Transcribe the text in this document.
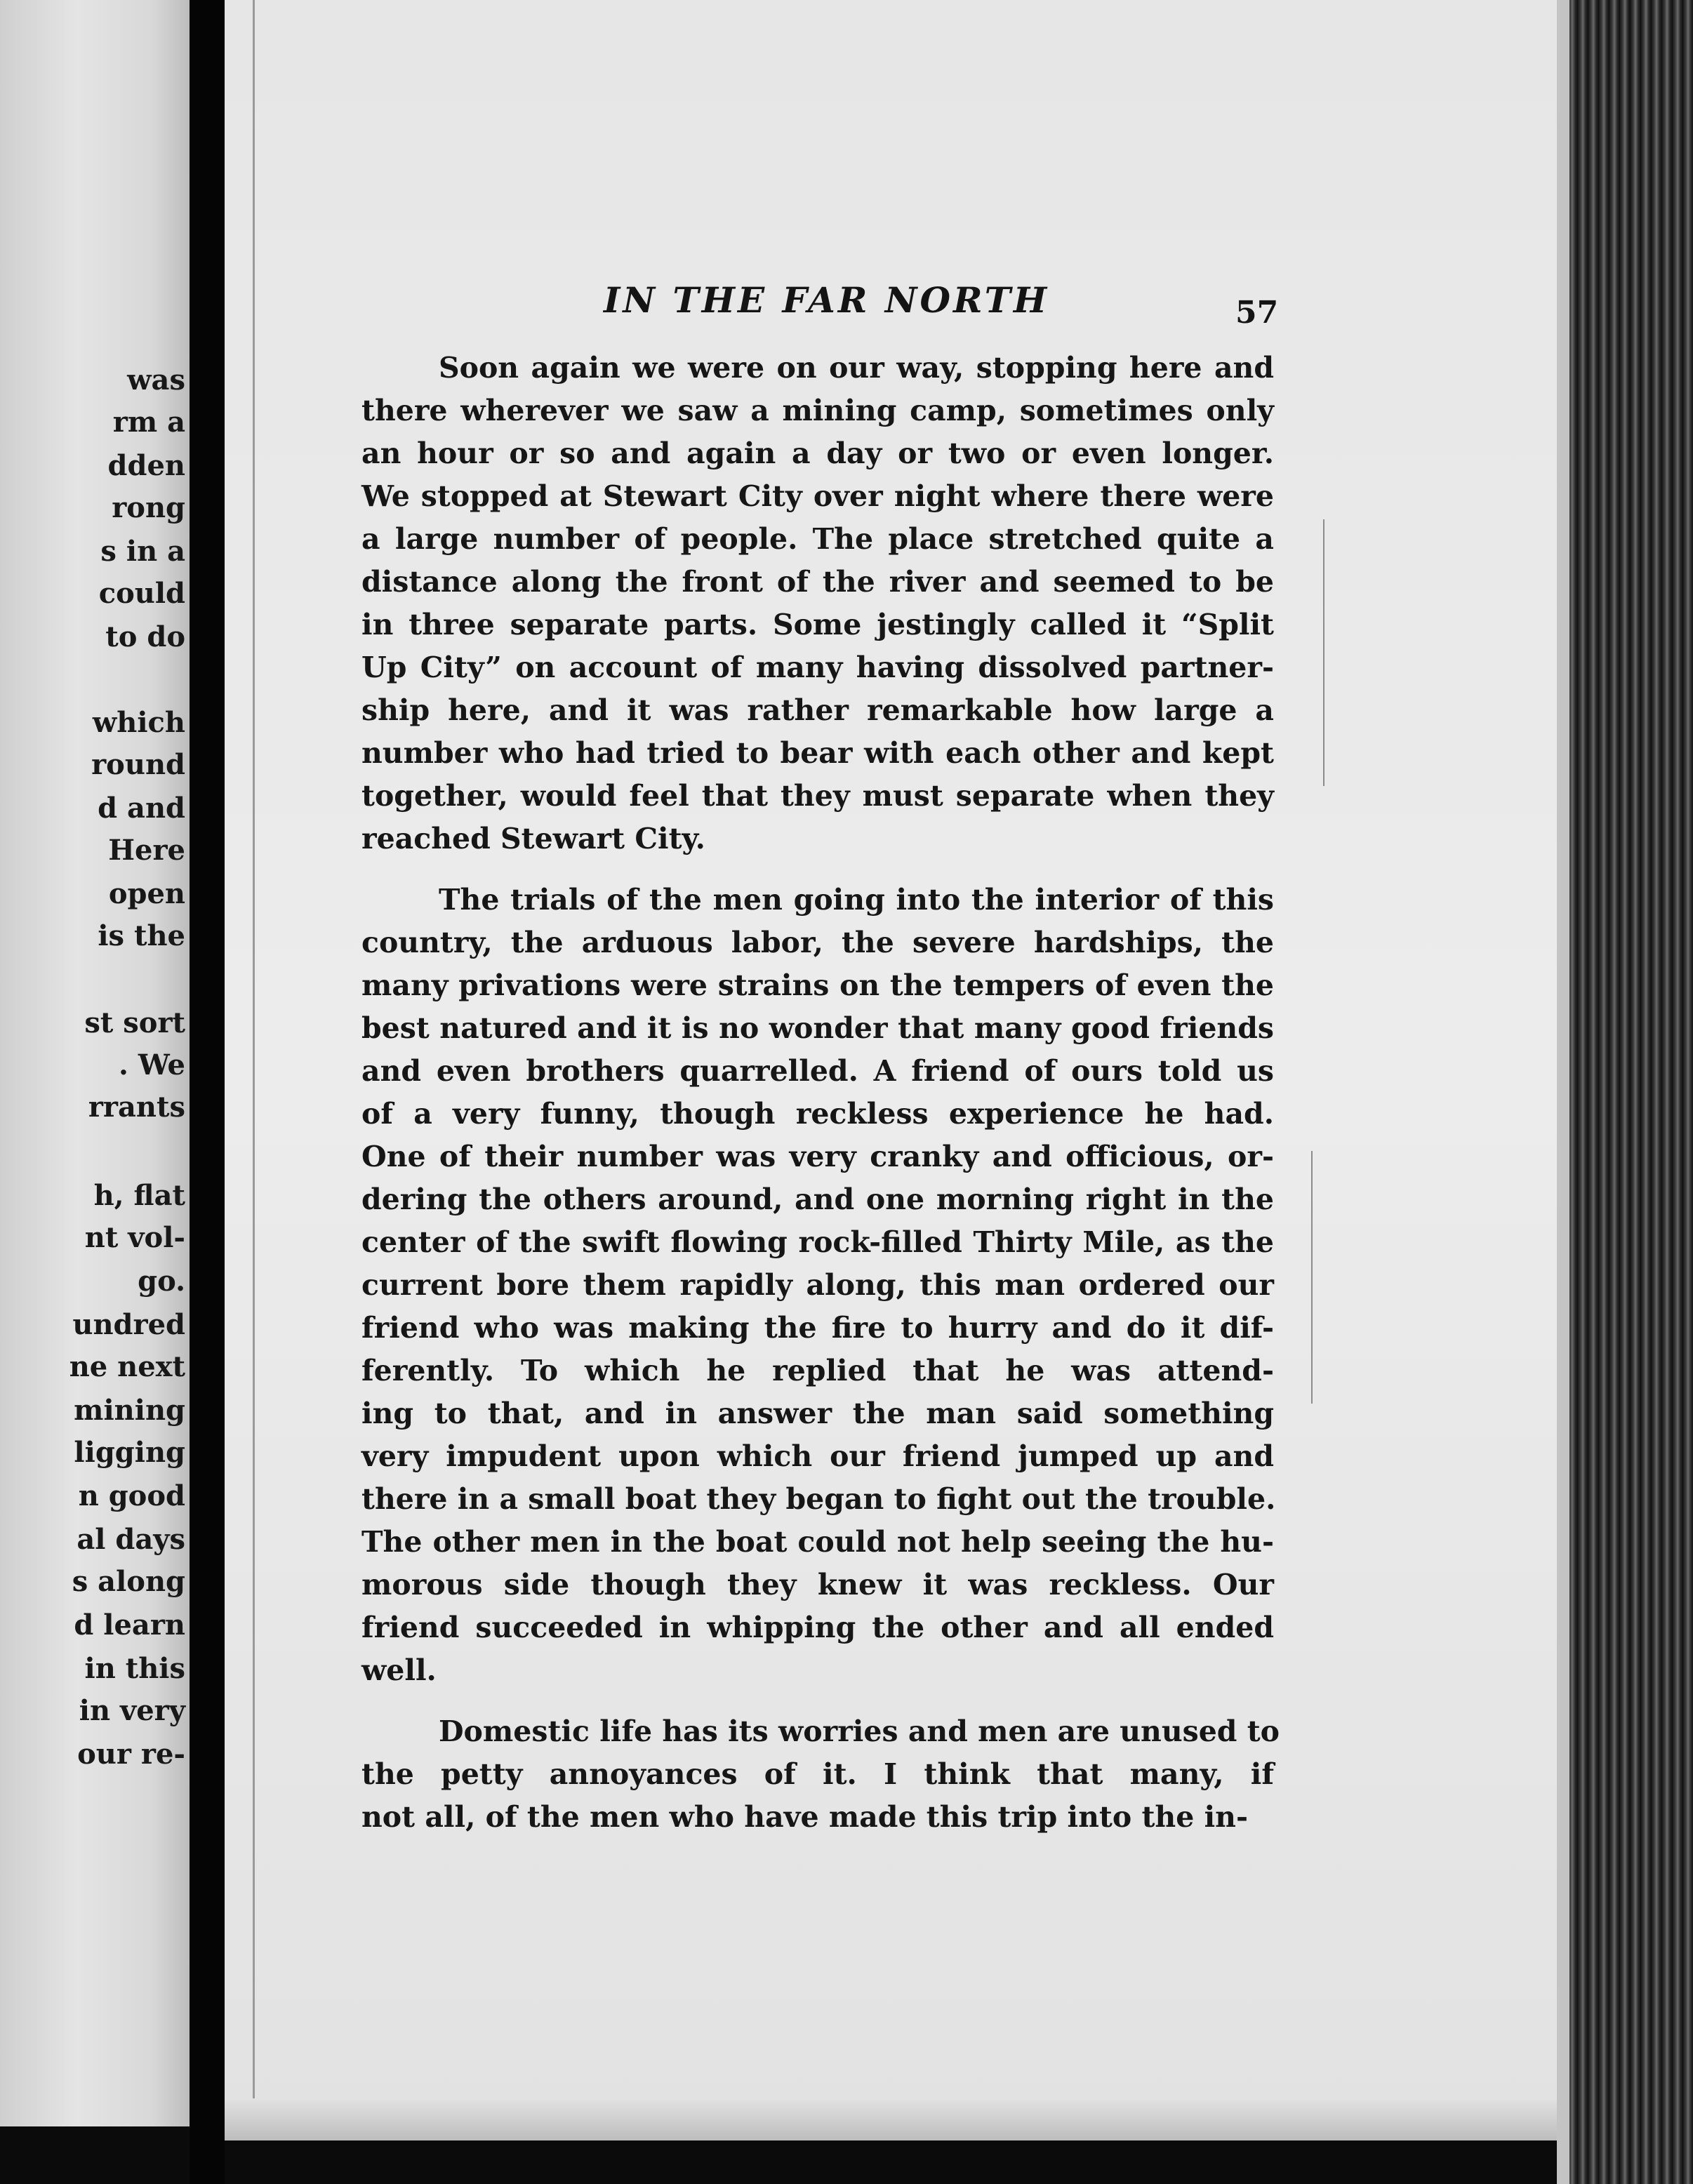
was
rm a
dden
rong
s in a
could
to do
which
round
d and
Here
open
is the
st sort
. We
rrants
h, flat
nt vol-
go.
undred
ne next
mining
ligging
n good
al days
s along
d learn
in this
in very
our re-
IN THE FAR NORTH	57
Soon again we were on our way, stopping here and
there wherever we saw a mining camp, sometimes only
an hour or so and again a day or two or even longer.
We stopped at Stewart City over night where there were
a large number of people. The place stretched quite a
distance along the front of the river and seemed to be
in three separate parts. Some jestingly called it “Split
Up City” on account of many having dissolved partner-
ship here, and it was rather remarkable how large a
number who had tried to bear with each other and kept
together, would feel that they must separate when they
reached Stewart City.
The trials of the men going into the interior of this
country, the arduous labor, the severe hardships, the
many privations were strains on the tempers of even the
best natured and it is no wonder that many good friends
and even brothers quarrelled. A friend of ours told us
of a very funny, though reckless experience he had.
One of their number was very cranky and officious, or-
dering the others around, and one morning right in the
center of the swift flowing rock-filled Thirty Mile, as the
current bore them rapidly along, this man ordered our
friend who was making the fire to hurry and do it dif-
ferently. To which he replied that he was attend-
ing to that, and in answer the man said something
very impudent upon which our friend jumped up and
there in a small boat they began to fight out the trouble.
The other men in the boat could not help seeing the hu-
morous side though they knew it was reckless. Our
friend succeeded in whipping the other and all ended
well.
Domestic life has its worries and men are unused to
the petty annoyances of it. I think that many, if
not all, of the men who have made this trip into the in-
